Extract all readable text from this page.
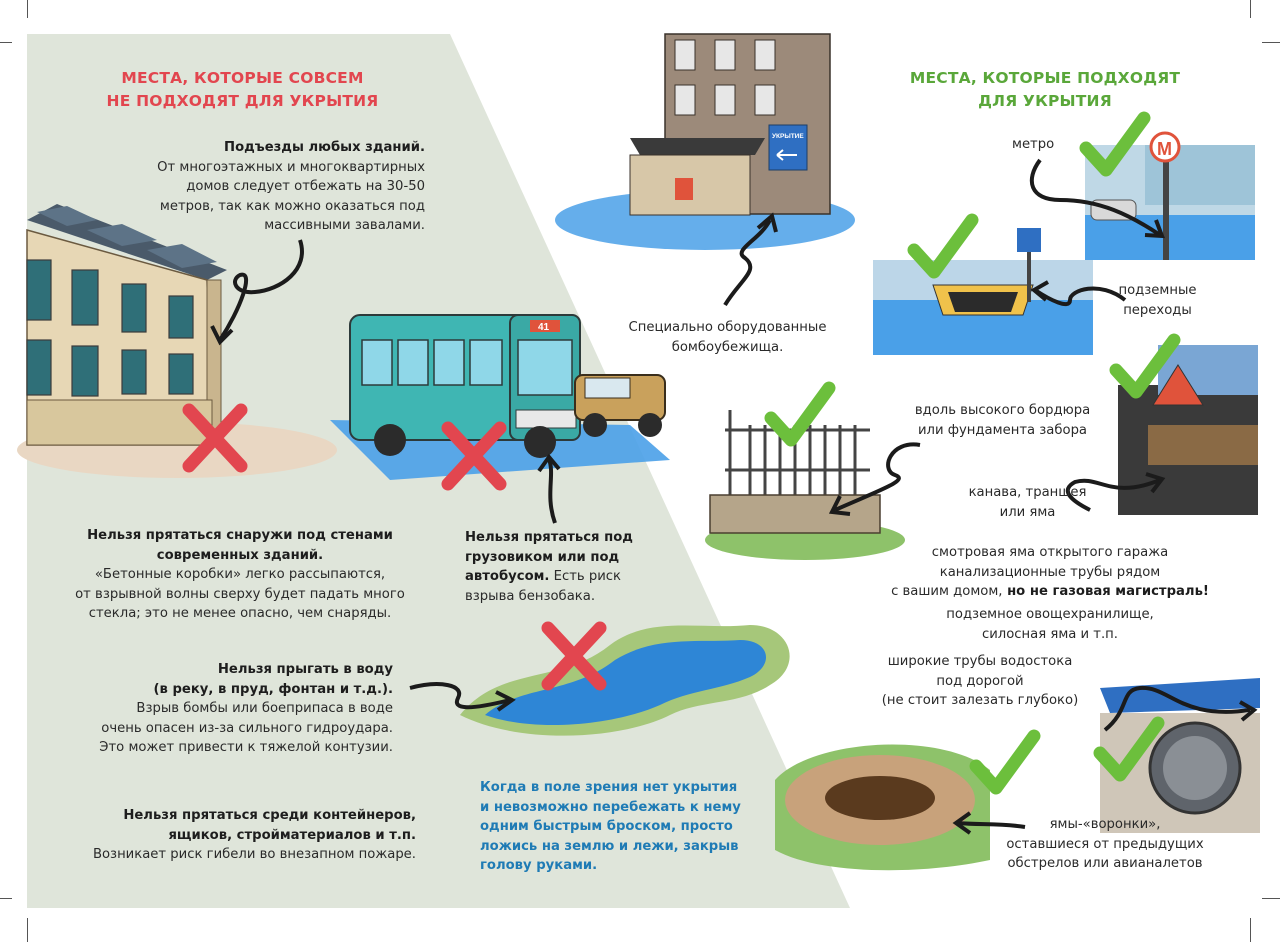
41
УКРЫТИЕ
М
МЕСТА, КОТОРЫЕ СОВСЕМ
НЕ ПОДХОДЯТ ДЛЯ УКРЫТИЯ
Подъезды любых зданий.
От многоэтажных и многоквартирных
домов следует отбежать на 30-50
метров, так как можно оказаться под
массивными завалами.
Нельзя прятаться снаружи под стенами
современных зданий.
«Бетонные коробки» легко рассыпаются,
от взрывной волны сверху будет падать много
стекла; это не менее опасно, чем снаряды.
Нельзя прятаться под
грузовиком или под
автобусом. Есть риск
взрыва бензобака.
Нельзя прыгать в воду
(в реку, в пруд, фонтан и т.д.).
Взрыв бомбы или боеприпаса в воде
очень опасен из-за сильного гидроудара.
Это может привести к тяжелой контузии.
Нельзя прятаться среди контейнеров,
ящиков, стройматериалов и т.п.
Возникает риск гибели во внезапном пожаре.
Когда в поле зрения нет укрытия
и невозможно перебежать к нему
одним быстрым броском, просто
ложись на землю и лежи, закрыв
голову руками.
МЕСТА, КОТОРЫЕ ПОДХОДЯТ
ДЛЯ УКРЫТИЯ
Специально оборудованные
бомбоубежища.
метро
подземные
переходы
вдоль высокого бордюра
или фундамента забора
канава, траншея
или яма
смотровая яма открытого гаража
канализационные трубы рядом
с вашим домом, но не газовая магистраль!
подземное овощехранилище,
силосная яма и т.п.
широкие трубы водостока
под дорогой
(не стоит залезать глубоко)
ямы-«воронки»,
оставшиеся от предыдущих
обстрелов или авианалетов
